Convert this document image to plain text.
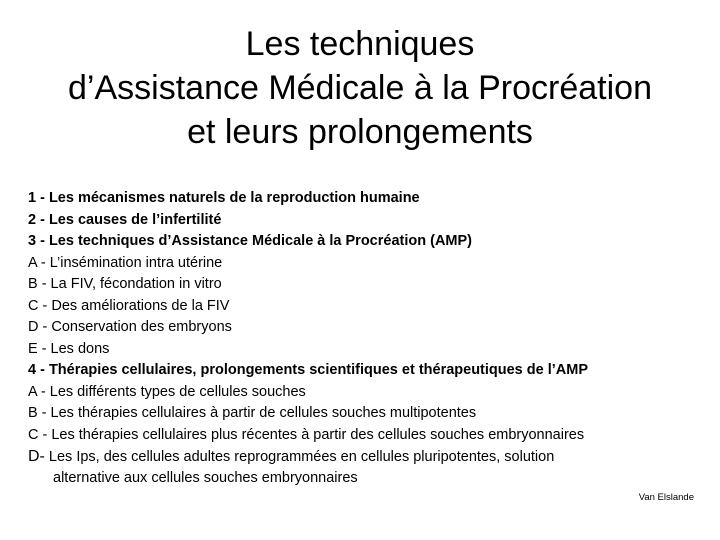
Les techniques
d’Assistance Médicale à la Procréation
et leurs prolongements
1 - Les mécanismes naturels de la reproduction humaine
2 - Les causes de l’infertilité
3 - Les techniques d’Assistance Médicale à la Procréation (AMP)
A - L’insémination intra utérine
B - La FIV, fécondation in vitro
C - Des améliorations de la FIV
D - Conservation des embryons
E - Les dons
4 - Thérapies cellulaires, prolongements scientifiques et thérapeutiques de l’AMP
A - Les différents types de cellules souches
B - Les thérapies cellulaires à partir de cellules souches multipotentes
C - Les thérapies cellulaires plus récentes à partir des cellules souches embryonnaires
D- Les Ips, des cellules adultes reprogrammées en cellules pluripotentes, solution
alternative aux cellules souches embryonnaires
Van Elslande
